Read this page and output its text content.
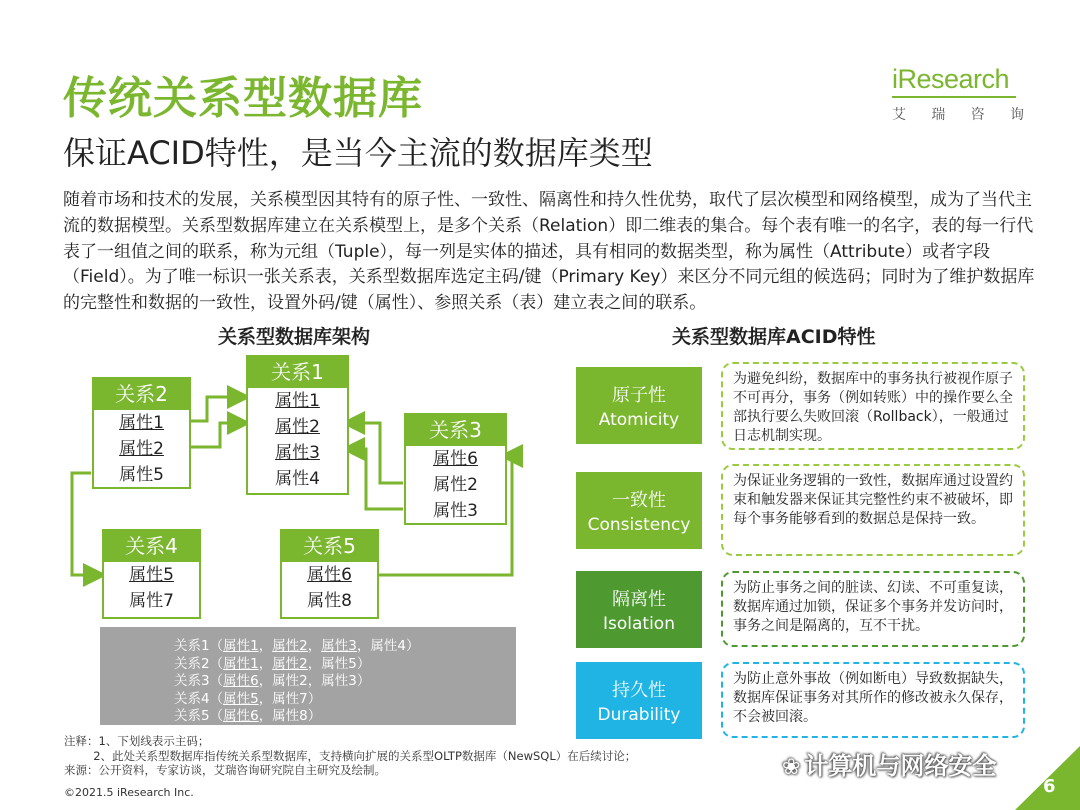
传统关系型数据库
保证ACID特性，是当今主流的数据库类型
iResearch
艾 瑞 咨 询
随着市场和技术的发展，关系模型因其特有的原子性、一致性、隔离性和持久性优势，取代了层次模型和网络模型，成为了当代主流的数据模型。关系型数据库建立在关系模型上，是多个关系（Relation）即二维表的集合。每个表有唯一的名字，表的每一行代表了一组值之间的联系，称为元组（Tuple），每一列是实体的描述，具有相同的数据类型，称为属性（Attribute）或者字段（Field）。为了唯一标识一张关系表，关系型数据库选定主码/键（Primary Key）来区分不同元组的候选码；同时为了维护数据库的完整性和数据的一致性，设置外码/键（属性）、参照关系（表）建立表之间的联系。
关系型数据库架构	关系型数据库ACID特性
关系1
属性1
属性2
属性3
属性4
关系2
属性1
属性2
属性5
关系3
属性6
属性2
属性3
关系4
属性5
属性7
关系5
属性6
属性8
关系1（属性1，属性2，属性3，属性4）
关系2（属性1，属性2，属性5）
关系3（属性6，属性2，属性3）
关系4（属性5，属性7）
关系5（属性6，属性8）
原子性
Atomicity
为避免纠纷，数据库中的事务执行被视作原子不可再分，事务（例如转账）中的操作要么全部执行要么失败回滚（Rollback），一般通过日志机制实现。
一致性
Consistency
为保证业务逻辑的一致性，数据库通过设置约束和触发器来保证其完整性约束不被破坏，即每个事务能够看到的数据总是保持一致。
隔离性
Isolation
为防止事务之间的脏读、幻读、不可重复读，数据库通过加锁，保证多个事务并发访问时，事务之间是隔离的，互不干扰。
持久性
Durability
为防止意外事故（例如断电）导致数据缺失，数据库保证事务对其所作的修改被永久保存，不会被回滚。
注释：1、下划线表示主码；
2、此处关系型数据库指传统关系型数据库，支持横向扩展的关系型OLTP数据库（NewSQL）在后续讨论；
来源：公开资料，专家访谈，艾瑞咨询研究院自主研究及绘制。
©2021.5 iResearch Inc.
❀ 计算机与网络安全
6
